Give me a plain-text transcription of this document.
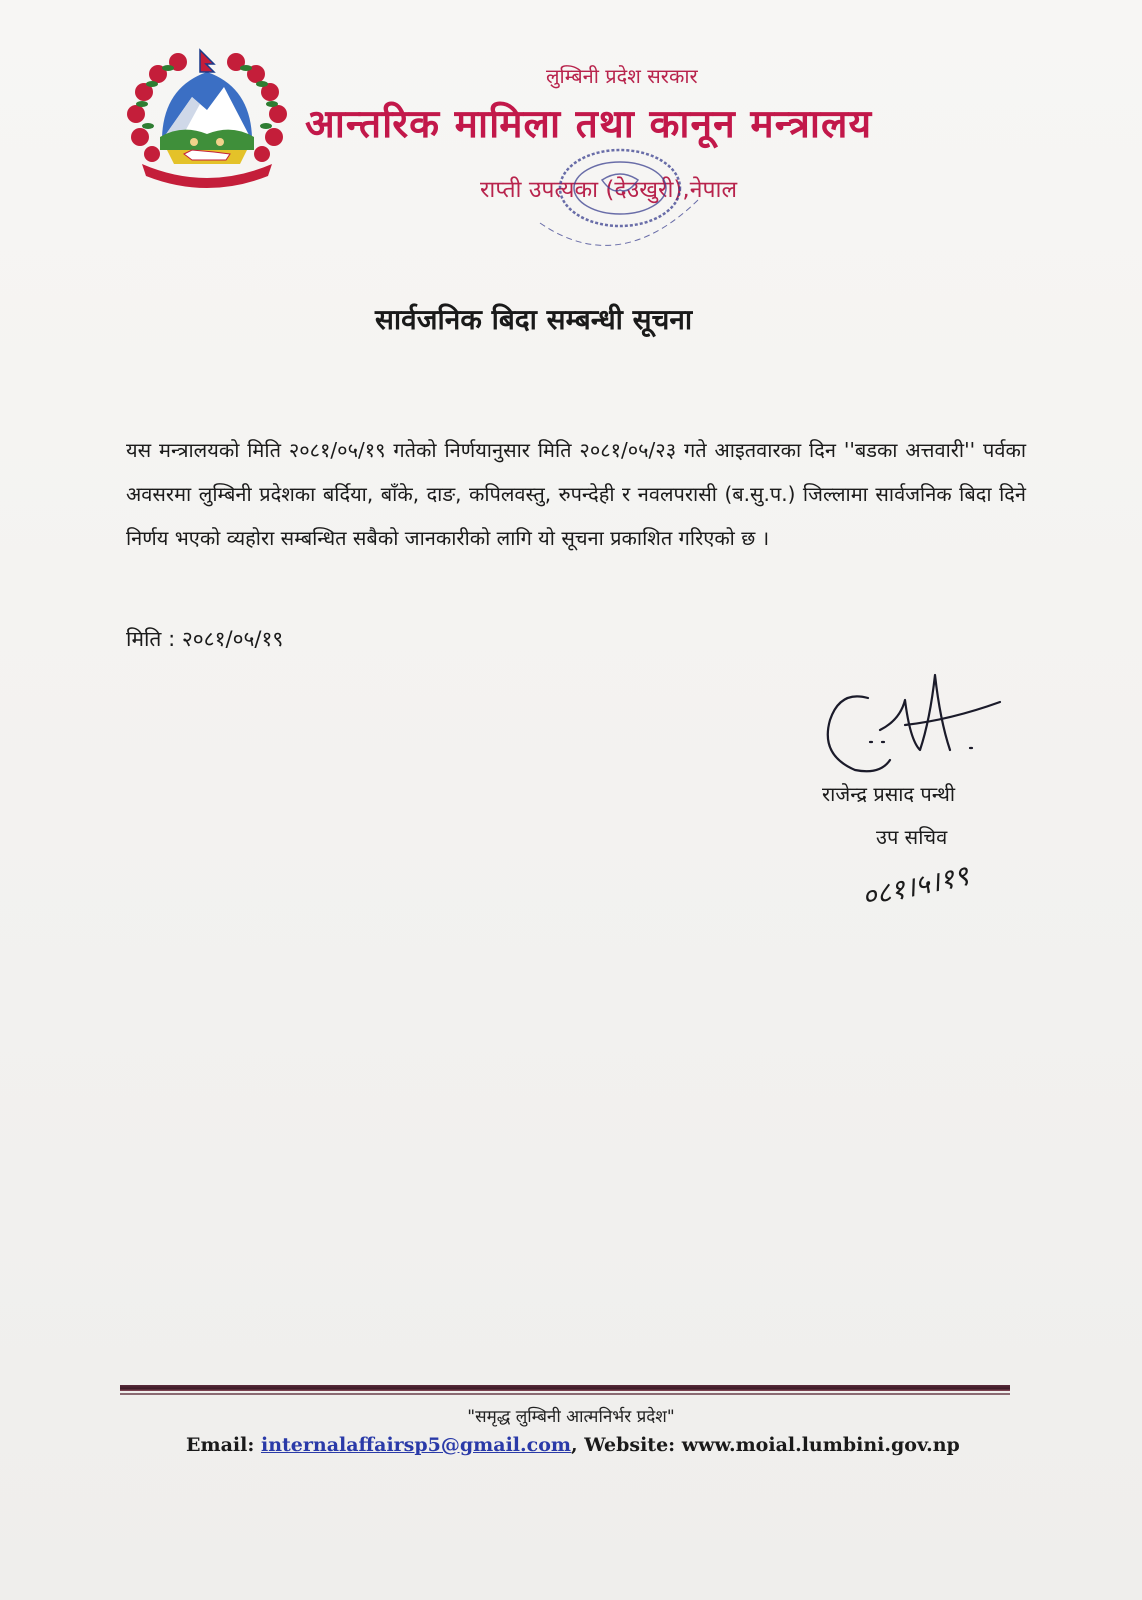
लुम्बिनी प्रदेश सरकार
आन्तरिक मामिला तथा कानून मन्त्रालय
राप्ती उपत्यका (देउखुरी),नेपाल
सार्वजनिक बिदा सम्बन्धी सूचना
यस मन्त्रालयको मिति २०८१/०५/१९ गतेको निर्णयानुसार मिति २०८१/०५/२३ गते आइतवारका दिन ''बडका अत्तवारी'' पर्वका अवसरमा लुम्बिनी प्रदेशका बर्दिया, बाँके, दाङ, कपिलवस्तु, रुपन्देही र नवलपरासी (ब.सु.प.) जिल्लामा सार्वजनिक बिदा दिने निर्णय भएको व्यहोरा सम्बन्धित सबैको जानकारीको लागि यो सूचना प्रकाशित गरिएको छ ।
मिति : २०८१/०५/१९
राजेन्द्र प्रसाद पन्थी
उप सचिव
०८१।५।१९
"समृद्ध लुम्बिनी आत्मनिर्भर प्रदेश"
Email: internalaffairsp5@gmail.com, Website: www.moial.lumbini.gov.np
